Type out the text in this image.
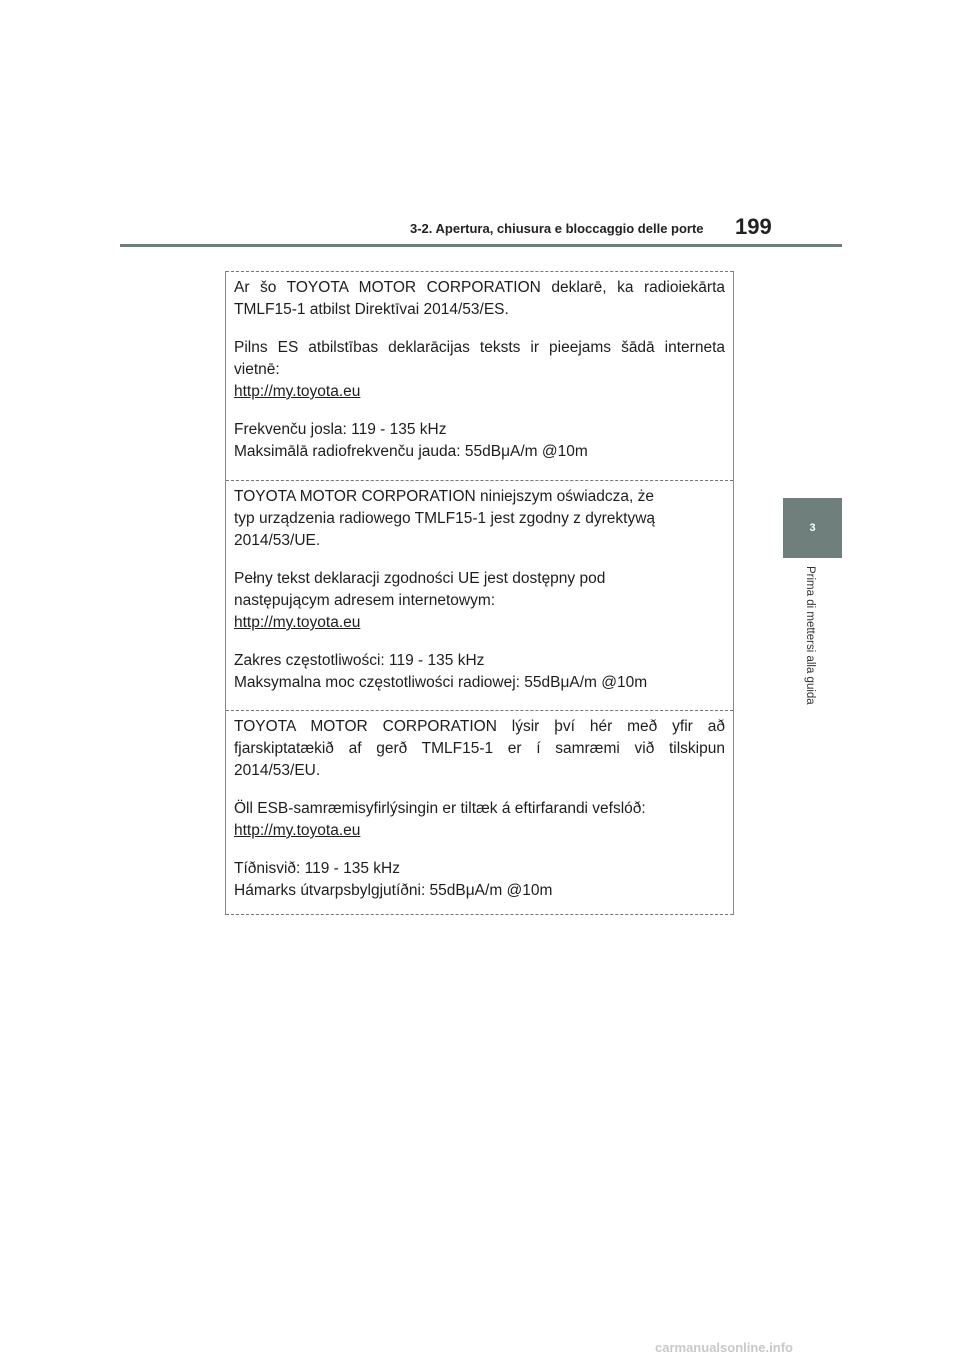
3-2. Apertura, chiusura e bloccaggio delle porte 199
3
Prima di mettersi alla guida

Ar šo TOYOTA MOTOR CORPORATION deklarē, ka radioiekārta TMLF15-1 atbilst Direktīvai 2014/53/ES.

Pilns ES atbilstības deklarācijas teksts ir pieejams šādā interneta vietnē:

http://my.toyota.eu

Frekvenču josla: 119 - 135 kHz

Maksimālā radiofrekvenču jauda: 55dBμA/m @10m

TOYOTA MOTOR CORPORATION niniejszym oświadcza, że typ urządzenia radiowego TMLF15-1 jest zgodny z dyrektywą 2014/53/UE.

Pełny tekst deklaracji zgodności UE jest dostępny pod następującym adresem internetowym:

http://my.toyota.eu

Zakres częstotliwości: 119 - 135 kHz

Maksymalna moc częstotliwości radiowej: 55dBμA/m @10m

TOYOTA MOTOR CORPORATION lýsir því hér með yfir að fjarskiptatækið af gerð TMLF15-1 er í samræmi við tilskipun 2014/53/EU.

Öll ESB-samræmisyfirlýsingin er tiltæk á eftirfarandi vefslóð:

http://my.toyota.eu

Tíðnisvið: 119 - 135 kHz

Hámarks útvarpsbylgjutíðni: 55dBμA/m @10m

carmanualsonline.info
